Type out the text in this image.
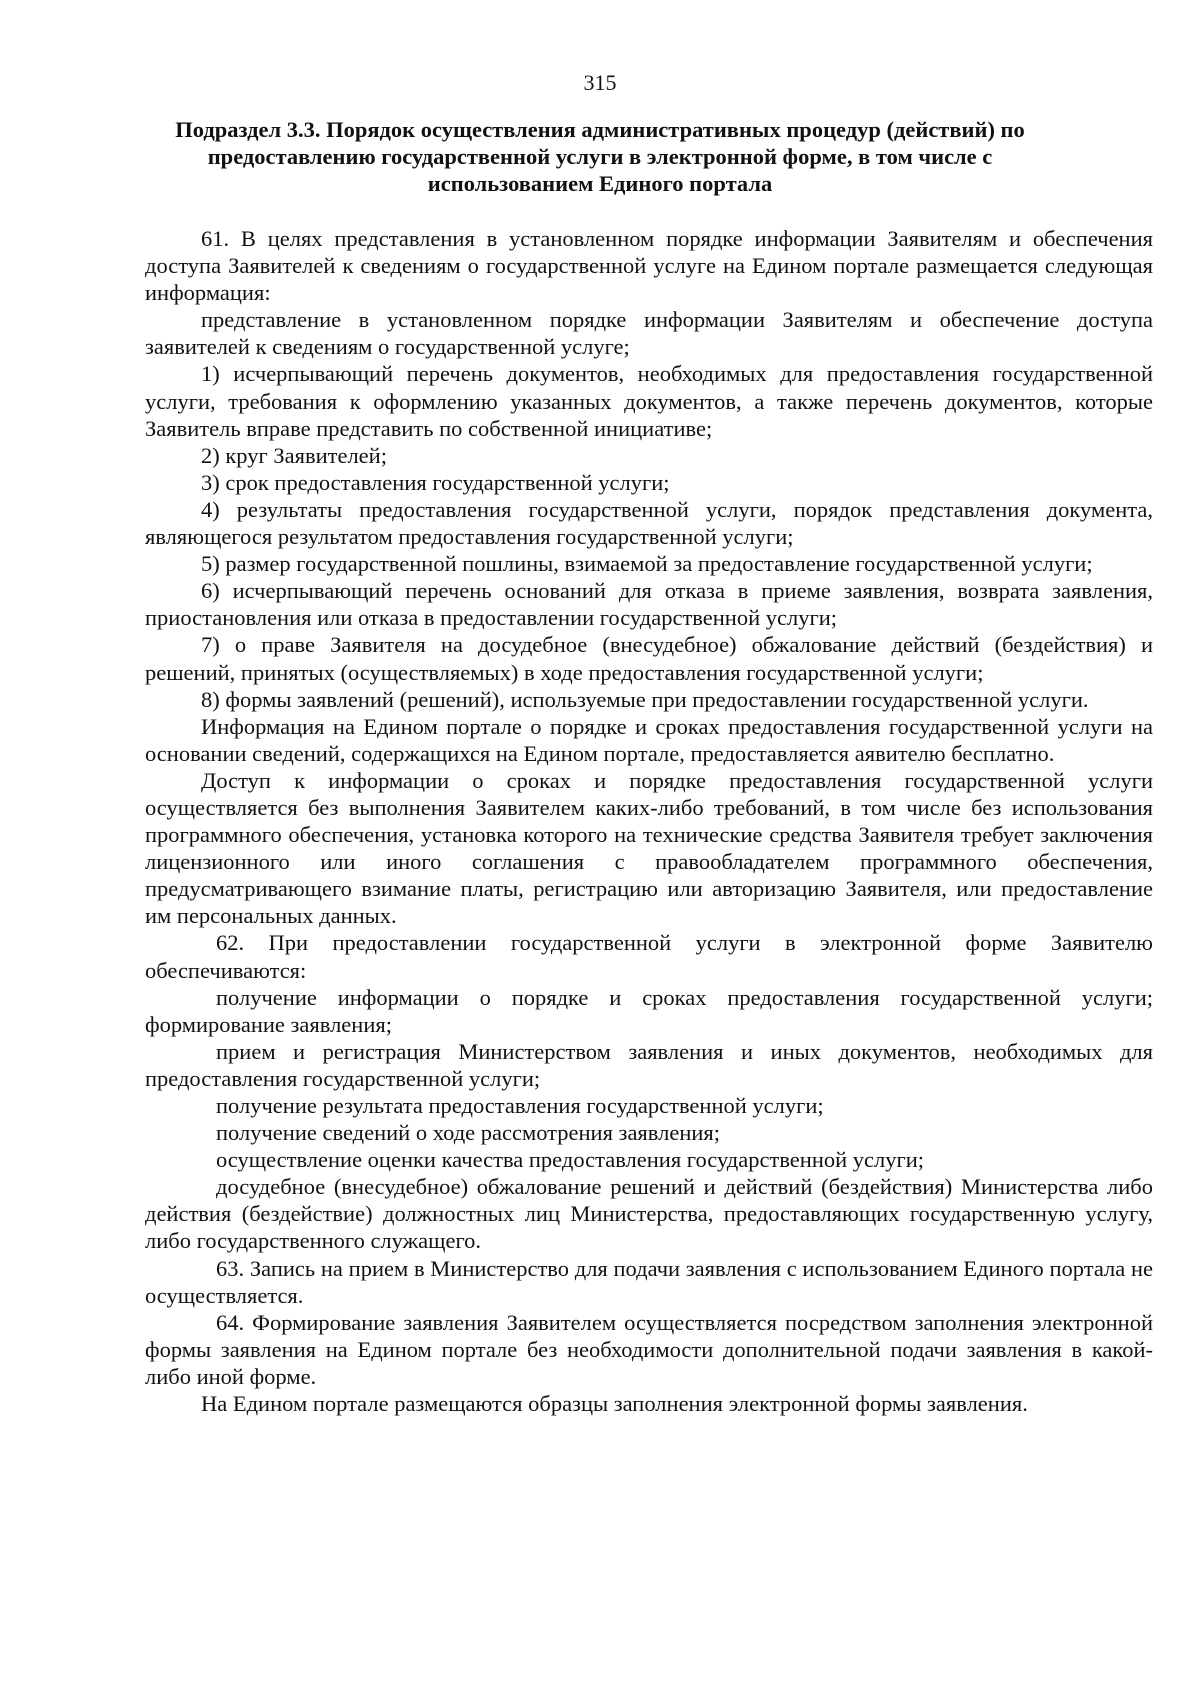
315
Подраздел 3.3. Порядок осуществления административных процедур (действий) по
предоставлению государственной услуги в электронной форме, в том числе с
использованием Единого портала

61. В целях представления в установленном порядке информации Заявителям и обеспечения доступа Заявителей к сведениям о государственной услуге на Едином портале размещается следующая информация:

представление в установленном порядке информации Заявителям и обеспечение доступа заявителей к сведениям о государственной услуге;

1) исчерпывающий перечень документов, необходимых для предоставления государственной услуги, требования к оформлению указанных документов, а также перечень документов, которые Заявитель вправе представить по собственной инициативе;

2) круг Заявителей;

3) срок предоставления государственной услуги;

4) результаты предоставления государственной услуги, порядок представления документа, являющегося результатом предоставления государственной услуги;

5) размер государственной пошлины, взимаемой за предоставление государственной услуги;

6) исчерпывающий перечень оснований для отказа в приеме заявления, возврата заявления, приостановления или отказа в предоставлении государственной услуги;

7) о праве Заявителя на досудебное (внесудебное) обжалование действий (бездействия) и решений, принятых (осуществляемых) в ходе предоставления государственной услуги;

8) формы заявлений (решений), используемые при предоставлении государственной услуги.

Информация на Едином портале о порядке и сроках предоставления государственной услуги на основании сведений, содержащихся на Едином портале, предоставляется аявителю бесплатно.

Доступ к информации о сроках и порядке предоставления государственной услуги осуществляется без выполнения Заявителем каких-либо требований, в том числе без использования программного обеспечения, установка которого на технические средства Заявителя требует заключения лицензионного или иного соглашения с правообладателем программного обеспечения, предусматривающего взимание платы, регистрацию или авторизацию Заявителя, или предоставление им персональных данных.

62. При предоставлении государственной услуги в электронной форме Заявителю обеспечиваются:

получение информации о порядке и сроках предоставления государственной услуги; формирование заявления;

прием и регистрация Министерством заявления и иных документов, необходимых для предоставления государственной услуги;

получение результата предоставления государственной услуги;

получение сведений о ходе рассмотрения заявления;

осуществление оценки качества предоставления государственной услуги;

досудебное (внесудебное) обжалование решений и действий (бездействия) Министерства либо действия (бездействие) должностных лиц Министерства, предоставляющих государственную услугу, либо государственного служащего.

63. Запись на прием в Министерство для подачи заявления с использованием Единого портала не осуществляется.

64. Формирование заявления Заявителем осуществляется посредством заполнения электронной формы заявления на Едином портале без необходимости дополнительной подачи заявления в какой-либо иной форме.

На Едином портале размещаются образцы заполнения электронной формы заявления.
